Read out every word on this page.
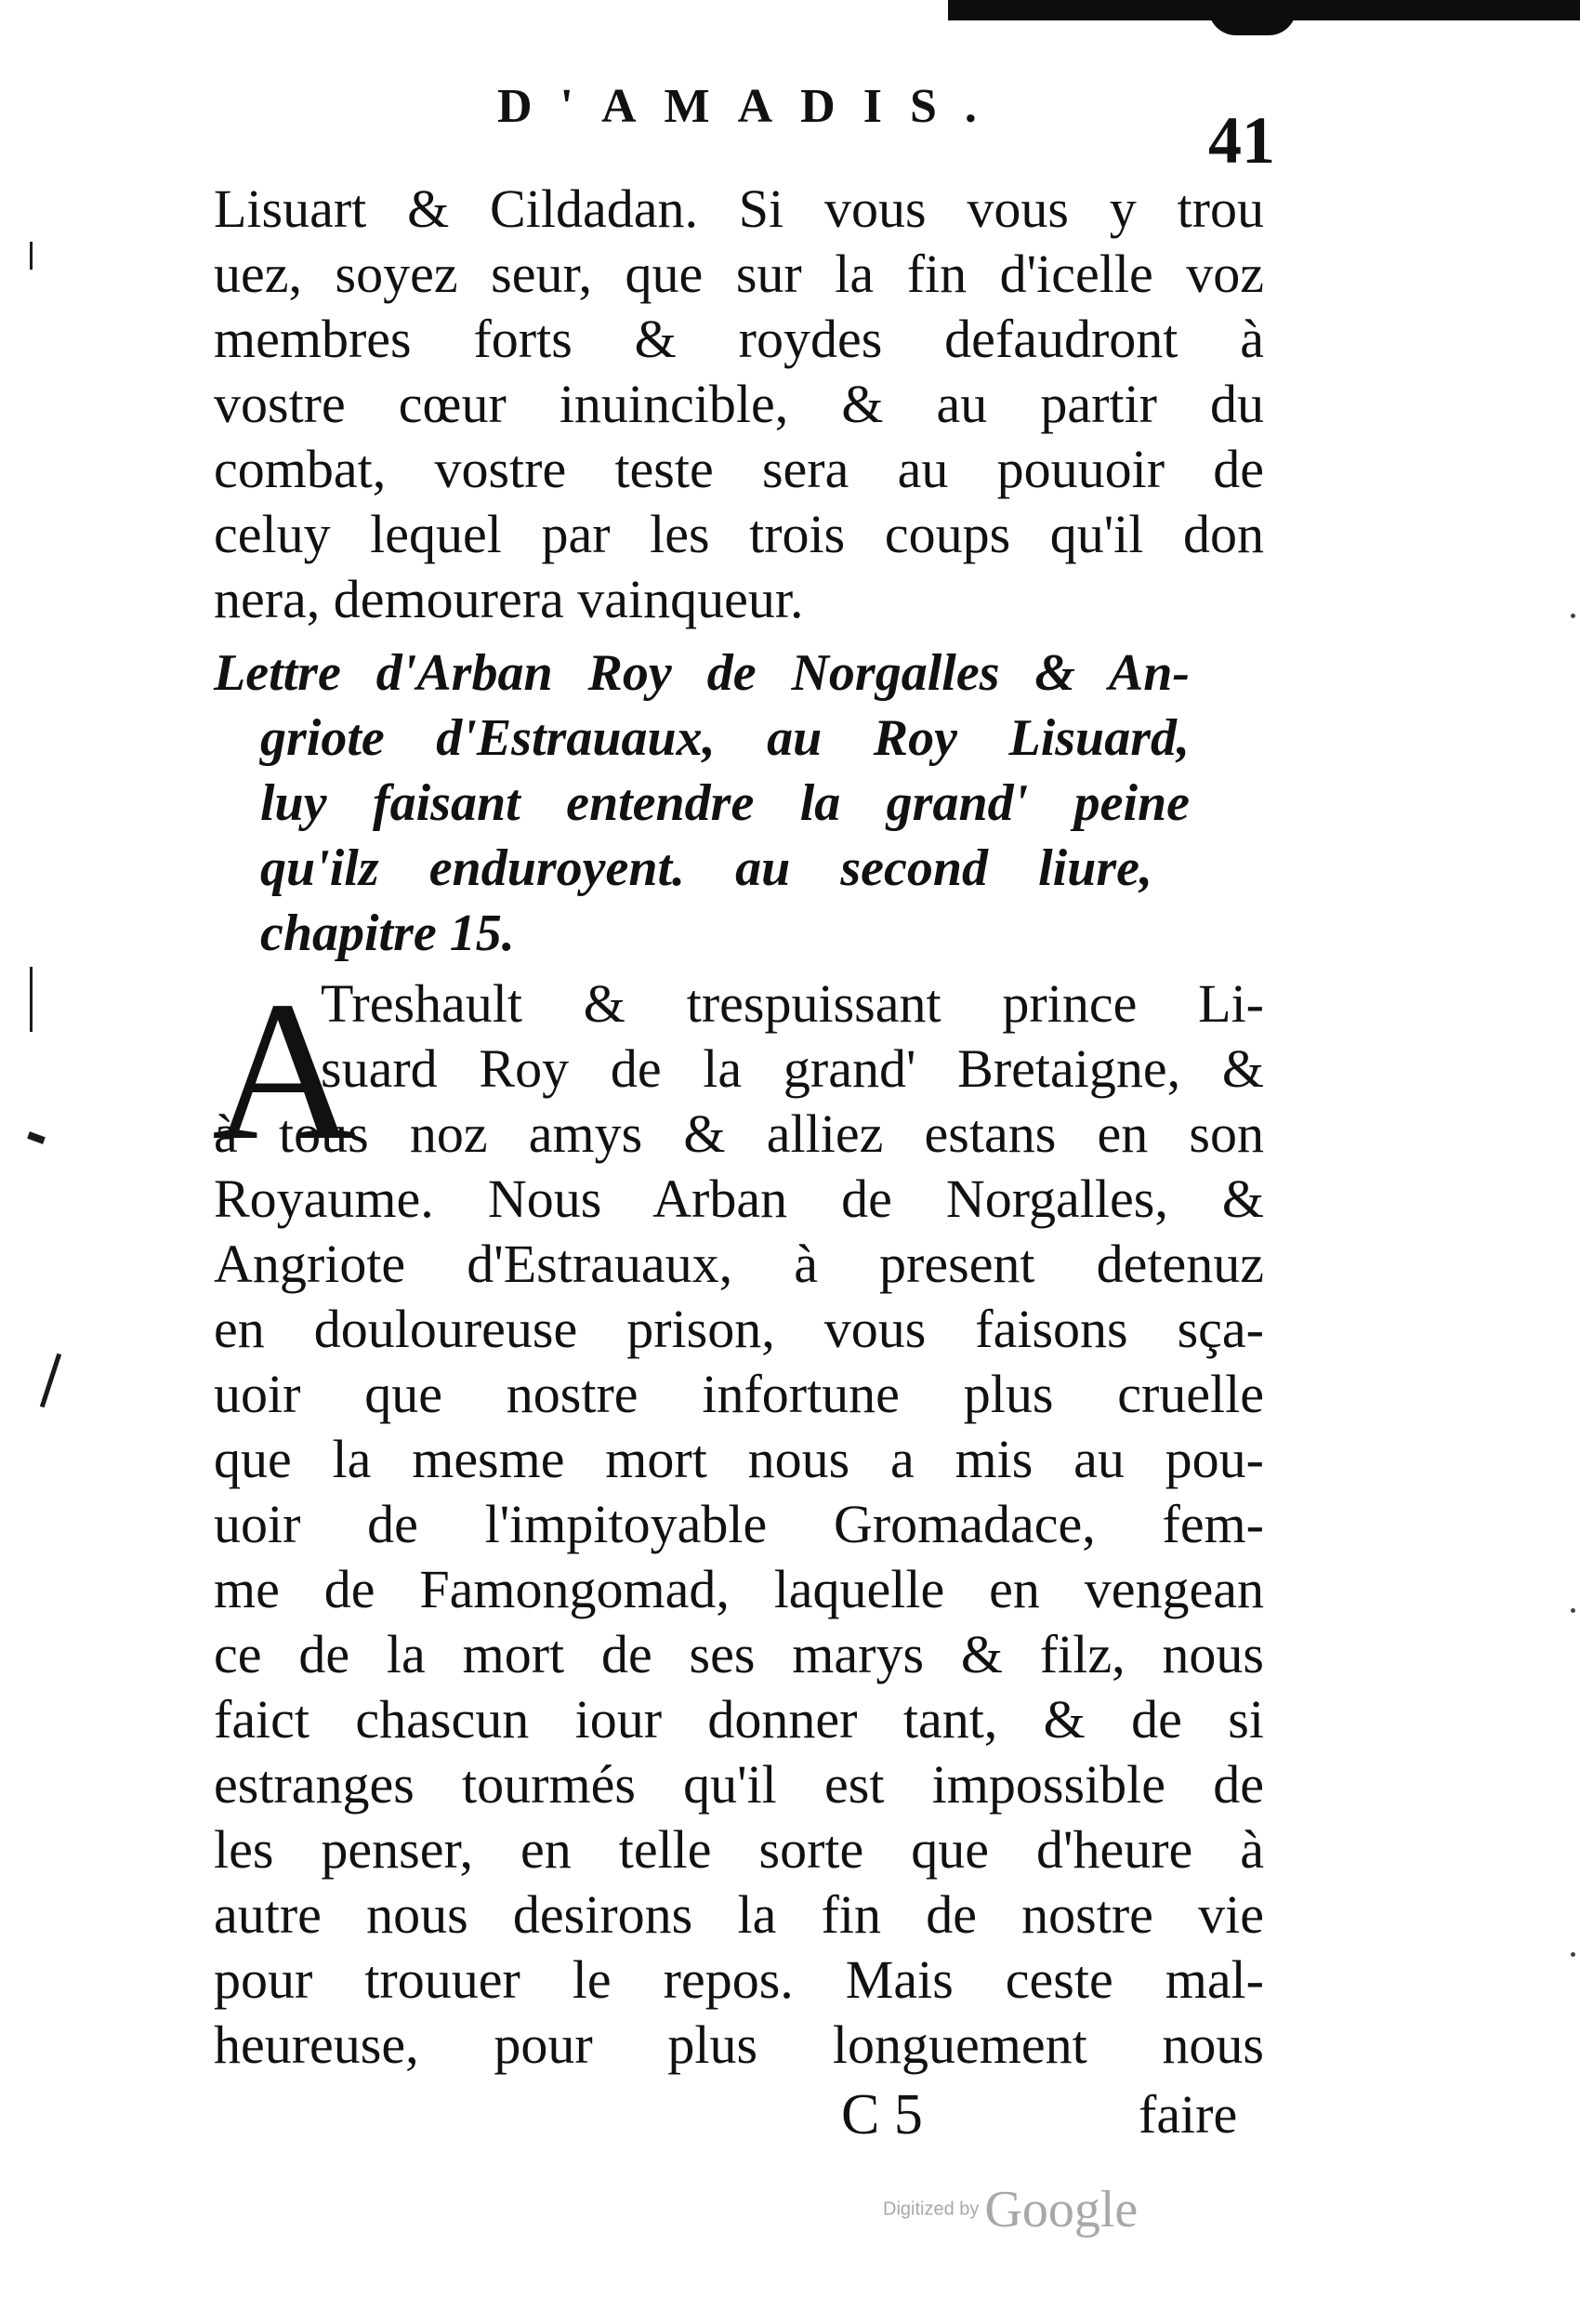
D'AMADIS.	41
Lisuart & Cildadan. Si vous vous y trou
uez, soyez seur, que sur la fin d'icelle voz
membres forts & roydes defaudront à
vostre cœur inuincible, & au partir du
combat, vostre teste sera au pouuoir de
celuy lequel par les trois coups qu'il don
nera, demourera vainqueur.
Lettre d'Arban Roy de Norgalles & An-
griote d'Estrauaux, au Roy Lisuard,
luy faisant entendre la grand' peine
qu'ilz enduroyent. au second liure,
chapitre 15.
A
Treshault & trespuissant prince Li-
suard Roy de la grand' Bretaigne, &
à tous noz amys & alliez estans en son
Royaume. Nous Arban de Norgalles, &
Angriote d'Estrauaux, à present detenuz
en douloureuse prison, vous faisons sça-
uoir que nostre infortune plus cruelle
que la mesme mort nous a mis au pou-
uoir de l'impitoyable Gromadace, fem-
me de Famongomad, laquelle en vengean
ce de la mort de ses marys & filz, nous
faict chascun iour donner tant, & de si
estranges tourmés qu'il est impossible de
les penser, en telle sorte que d'heure à
autre nous desirons la fin de nostre vie
pour trouuer le repos. Mais ceste mal-
heureuse, pour plus longuement nous
C 5	faire
Digitized by Google
